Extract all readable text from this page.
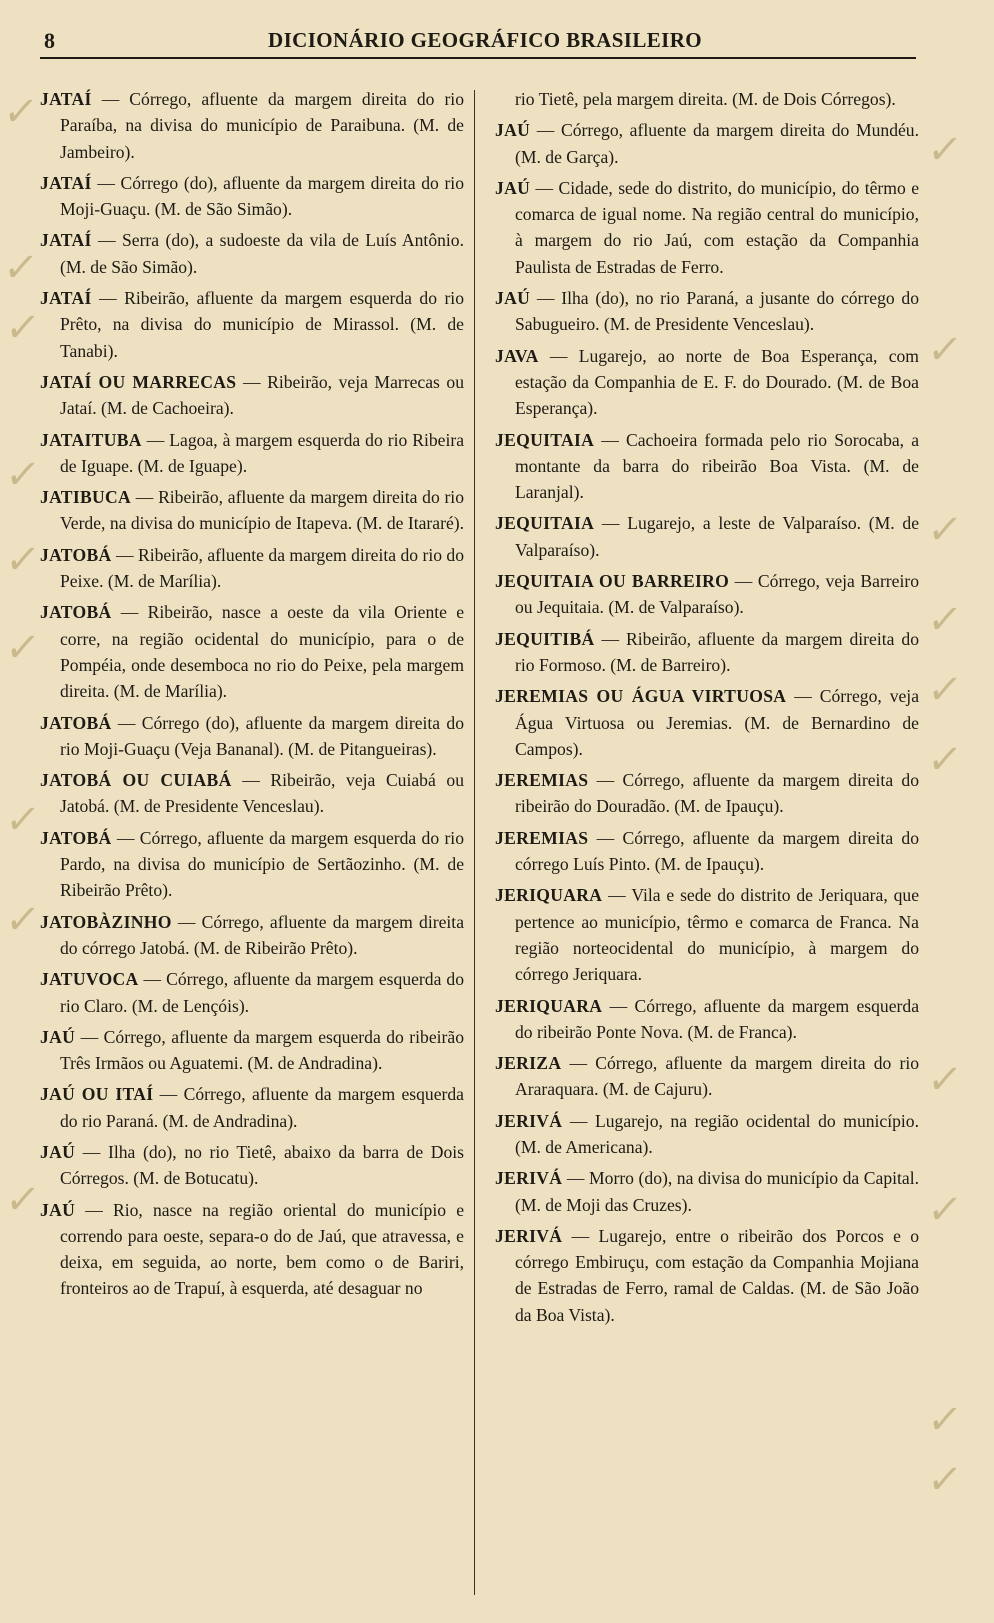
8	DICIONÁRIO GEOGRÁFICO BRASILEIRO

JATAÍ — Córrego, afluente da margem direita do rio Paraíba, na divisa do município de Paraibuna. (M. de Jambeiro).

JATAÍ — Córrego (do), afluente da margem direita do rio Moji-Guaçu. (M. de São Simão).

JATAÍ — Serra (do), a sudoeste da vila de Luís Antônio. (M. de São Simão).

JATAÍ — Ribeirão, afluente da margem esquerda do rio Prêto, na divisa do município de Mirassol. (M. de Tanabi).

JATAÍ OU MARRECAS — Ribeirão, veja Marrecas ou Jataí. (M. de Cachoeira).

JATAITUBA — Lagoa, à margem esquerda do rio Ribeira de Iguape. (M. de Iguape).

JATIBUCA — Ribeirão, afluente da margem direita do rio Verde, na divisa do município de Itapeva. (M. de Itararé).

JATOBÁ — Ribeirão, afluente da margem direita do rio do Peixe. (M. de Marília).

JATOBÁ — Ribeirão, nasce a oeste da vila Oriente e corre, na região ocidental do município, para o de Pompéia, onde desemboca no rio do Peixe, pela margem direita. (M. de Marília).

JATOBÁ — Córrego (do), afluente da margem direita do rio Moji-Guaçu (Veja Bananal). (M. de Pitangueiras).

JATOBÁ OU CUIABÁ — Ribeirão, veja Cuiabá ou Jatobá. (M. de Presidente Venceslau).

JATOBÁ — Córrego, afluente da margem esquerda do rio Pardo, na divisa do município de Sertãozinho. (M. de Ribeirão Prêto).

JATOBÀZINHO — Córrego, afluente da margem direita do córrego Jatobá. (M. de Ribeirão Prêto).

JATUVOCA — Córrego, afluente da margem esquerda do rio Claro. (M. de Lençóis).

JAÚ — Córrego, afluente da margem esquerda do ribeirão Três Irmãos ou Aguatemi. (M. de Andradina).

JAÚ OU ITAÍ — Córrego, afluente da margem esquerda do rio Paraná. (M. de Andradina).

JAÚ — Ilha (do), no rio Tietê, abaixo da barra de Dois Córregos. (M. de Botucatu).

JAÚ — Rio, nasce na região oriental do município e correndo para oeste, separa-o do de Jaú, que atravessa, e deixa, em seguida, ao norte, bem como o de Bariri, fronteiros ao de Trapuí, à esquerda, até desaguar no

rio Tietê, pela margem direita. (M. de Dois Córregos).

JAÚ — Córrego, afluente da margem direita do Mundéu. (M. de Garça).

JAÚ — Cidade, sede do distrito, do município, do têrmo e comarca de igual nome. Na região central do município, à margem do rio Jaú, com estação da Companhia Paulista de Estradas de Ferro.

JAÚ — Ilha (do), no rio Paraná, a jusante do córrego do Sabugueiro. (M. de Presidente Venceslau).

JAVA — Lugarejo, ao norte de Boa Esperança, com estação da Companhia de E. F. do Dourado. (M. de Boa Esperança).

JEQUITAIA — Cachoeira formada pelo rio Sorocaba, a montante da barra do ribeirão Boa Vista. (M. de Laranjal).

JEQUITAIA — Lugarejo, a leste de Valparaíso. (M. de Valparaíso).

JEQUITAIA OU BARREIRO — Córrego, veja Barreiro ou Jequitaia. (M. de Valparaíso).

JEQUITIBÁ — Ribeirão, afluente da margem direita do rio Formoso. (M. de Barreiro).

JEREMIAS OU ÁGUA VIRTUOSA — Córrego, veja Água Virtuosa ou Jeremias. (M. de Bernardino de Campos).

JEREMIAS — Córrego, afluente da margem direita do ribeirão do Douradão. (M. de Ipauçu).

JEREMIAS — Córrego, afluente da margem direita do córrego Luís Pinto. (M. de Ipauçu).

JERIQUARA — Vila e sede do distrito de Jeriquara, que pertence ao município, têrmo e comarca de Franca. Na região norteocidental do município, à margem do córrego Jeriquara.

JERIQUARA — Córrego, afluente da margem esquerda do ribeirão Ponte Nova. (M. de Franca).

JERIZA — Córrego, afluente da margem direita do rio Araraquara. (M. de Cajuru).

JERIVÁ — Lugarejo, na região ocidental do município. (M. de Americana).

JERIVÁ — Morro (do), na divisa do município da Capital. (M. de Moji das Cruzes).

JERIVÁ — Lugarejo, entre o ribeirão dos Porcos e o córrego Embiruçu, com estação da Companhia Mojiana de Estradas de Ferro, ramal de Caldas. (M. de São João da Boa Vista).

✓
✓
✓
✓
✓
✓
✓
✓
✓
✓
✓
✓
✓
✓
✓
✓
✓
✓
✓
